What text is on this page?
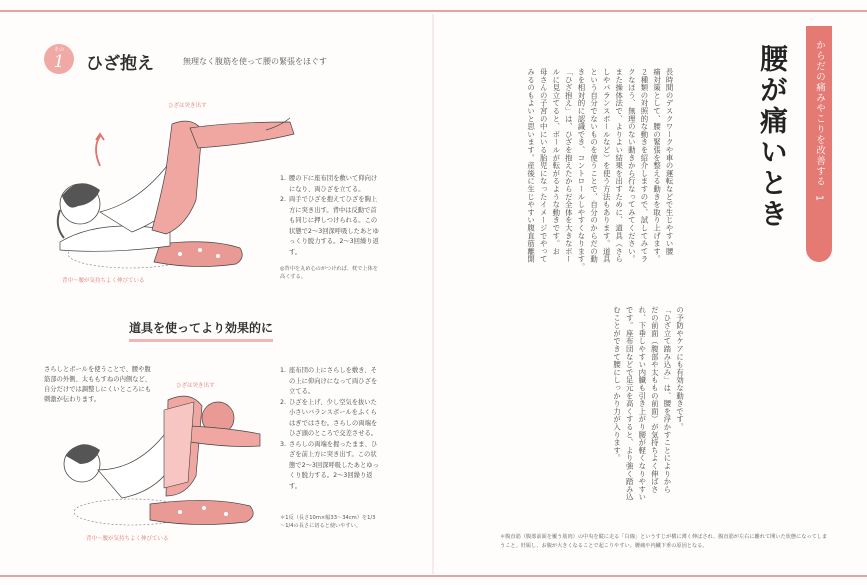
その
1	ひざ抱え	無理なく腹筋を使って腰の緊張をほぐす
ひざは突き出す
背中～腰が気持ちよく伸びている
1. 腰の下に座布団を敷いて仰向けになり、両ひざを立てる。
2. 両手でひざを抱えてひざを胸上方に突き出す。背中は反動で首も同じに押しつけられる。この状態で2～3回深呼吸したあとゆっくり脱力する。2～3回繰り返す。
◎背中を丸め心のがつけれぱ、枕で上体を高くする。
道具を使ってより効果的に
さらしとボールを使うことで、腰や腹筋部の外側、太ももすねの内側など、自分だけでは調整しにくいところにも刺激が伝わります。
ひざは突き出す
背中～腰が気持ちよく伸びている
1. 座布団の上にさらしを敷き、その上に仰向けになって両ひざを立てる。
2. ひざを上げ、少し空気を抜いた小さいバランスボールをふくらはぎではさむ。さらしの両端をひざ頭のところで交差させる。
3. さらしの両端を握ったまま、ひざを前上方に突き出す。この状態で2～3回深呼吸したあとゆっくり脱力する。2～3回繰り返す。
＊1反（長さ10m×幅33～34cm）を1/3～1/4の長さに切ると使いやすい。
からだの痛みやこりを改善する
1
腰が痛いとき
長時間のデスクワークや車の運転などで生じやすい腰
痛対策として、腰の緊張を整える動きを取り上げます。
２種類の対照的な動きを紹介しますので、試してみてラ
クなほう、無理のない動きから行なってみてください。
また操体法で、よりよい結果を出すために、道具（さら
しやバランスボールなど）を使う方法もあります。道具
という自分でないものを使うことで、自分のからだの動
きを相対的に認識でき、コントロールしやすくなります。
「ひざ抱え」は、ひざを抱えたからだ全体を大きなボー
ルに見立てると、ボールが転がるような動きです。お
母さんの子宮の中にいる胎児になったイメージでやって
みるのもよいと思います。産後に生じやすい腹直筋離開
の予防やケアにも有効な動きです。
「ひざ立て踏み込み」は、腰を浮かすことによりから
だの前面（腹部や太ももの前面）が気持ちよく伸ばさ
れ、下垂しやすい内臓も引き上がり腰が軽くなりやすい
です。座布団などで足元を高くすると、より強く踏み込
むことができて腰にしっかり力が入ります。
＊腹直筋（腹部前面を覆う筋肉）の中央を縦に走る「白線」というすじが横に薄く伸ばされ、腹直筋が左右に離れて開いた状態になってしまうこと。妊娠し、お腹が大きくなることで起こりやすい。腰痛や内臓下垂の原因となる。
